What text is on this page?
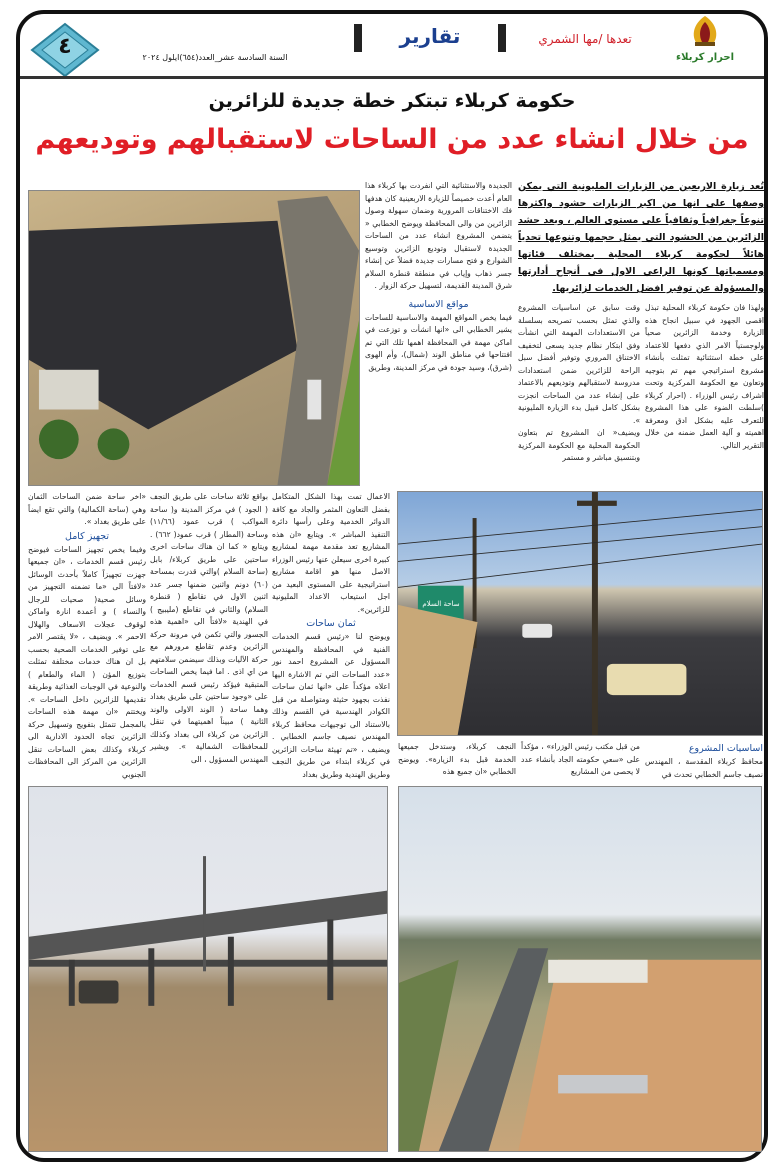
احرار كربلاء
تعدها /مها الشمري
تقارير
السنة السادسة عشر_العدد(٦٥٤)ايلول ٢٠٢٤
٤
حكومة كربلاء تبتكر خطة جديدة للزائرين
من خلال انشاء عدد من الساحات لاستقبالهم وتوديعهم
تُعد زيارة الاربعين من الزيارات المليونية التي يمكن وصفها على انها من اكبر الزيارات حشود واكثرها تنوعاً جغرافياً وثقافياً على مستوى العالم ، ويعد حشد الزائرين من الحشود التي يمثل حجمها وتنوعها تحدياً هائلاً لحكومة كربلاء المحلية بمختلف فئاتها ومسمياتها كونها الراعي الاول في أنجاح أدارتها والمسؤولة عن توفير افضل الخدمات لزائريها.
ولهذا فان حكومة كربلاء المحلية تبذل اقصى الجهود في سبيل انجاح هذه الزيارة وخدمة الزائرين صحياً ولوجستياً الامر الذي دفعها للاعتماد على خطة استثنائية تمثلت بأنشاء مشروع استراتيجي مهم تم بتوجيه وتعاون مع الحكومة المركزية وتحت اشراف رئيس الوزراء . (احرار كربلاء )سلطت الضوء على هذا المشروع للتعرف عليه بشكل ادق ومعرفة اهميته و آلية العمل ضمنه من خلال التقرير التالي.

وقت سابق عن اساسيات المشروع والذي تمثل بحسب تصريحه بسلسلة من الاستعدادات المهمة التي انشأت وفق ابتكار نظام جديد يسعى لتخفيف الاختناق المروري وتوفير أفضل سبل الراحة للزائرين ضمن استعدادات مدروسة لاستقبالهم وتوديعهم بالاعتماد على إنشاء عدد من الساحات انجزت بشكل كامل قبيل بدء الزيارة المليونية ».

ويضيف« ان المشروع تم بتعاون الحكومة المحلية مع الحكومة المركزية وبتنسيق مباشر و مستمر

الجديدة والاستثنائية التي انفردت بها كربلاء هذا العام أعدت خصيصاً للزيارة الاربعينية كان هدفها فك الاختناقات المرورية وضمان سهولة وصول الزائرين من والى المحافظة ويوضح الخطابي « يتضمن المشروع انشاء عدد من الساحات الجديدة لاستقبال وتوديع الزائرين وتوسيع الشوارع و فتح مسارات جديدة فضلاً عن إنشاء جسر ذهاب وإياب في منطقة قنطرة السلام شرق المدينة القديمة، لتسهيل حركة الزوار .

مواقع الاساسية

فيما يخص المواقع المهمة والاساسية للساحات يشير الخطابي الى «انها انشأت و توزعت في اماكن مهمة في المحافظة اهمها تلك التي تم افتتاحها في مناطق الوند (شمال)، وأم الهوى (شرق)، وسيد جودة في مركز المدينة، وطريق

الاعمال تمت بهذا الشكل المتكامل بفضل التعاون المثمر والجاد مع كافة الدوائر الخدمية وعلى رأسها دائرة التنفيذ المباشر ». ويتابع «ان هذه المشاريع تعد مقدمة مهمة لمشاريع كبيرة اخرى سيعلن عنها رئيس الوزراء الاصل منها هو اقامة مشاريع استراتيجية على المستوى البعيد من اجل استيعاب الاعداد المليونية للزائرين».

ثمان ساحات

ويوضح لنا «رئيس قسم الخدمات الفنية في المحافظة والمهندس المسؤول عن المشروع احمد نور «عدد الساحات التي تم الاشارة اليها اعلاه مؤكداً على «انها ثمان ساحات نفذت بجهود حثيثة ومتواصلة من قبل الكوادر الهندسية في القسم وذلك بالاستناد الى توجيهات محافظ كربلاء المهندس نصيف جاسم الخطابي . ويضيف ، «تم تهيئة ساحات الزائرين في كربلاء ابتداء من طريق النجف وطريق الهندية وطريق بغداد

بواقع ثلاثة ساحات على طريق النجف ( الجود ) في مركز المدينة و( ساحة المواكب ) قرب عمود (١١/٦٦) وساحة (المطار ) قرب عمود( ٦٦٢) . ويتابع « كما ان هناك ساحات اخرى ساحتين على طريق كربلاء/ بابل (ساحة السلام )والتي قدرت بمساحة (٦٠) دونم واثنين ضمنها جسر عدد اثنين الاول في تقاطع ( قنطرة السلام) والثاني في تقاطع (مليبيج ) في الهندية «لافتاً الى «اهمية هذه الجسور والتي تكمن في مرونة حركة الزائرين وعدم تقاطع مرورهم مع حركة الآليات وبذلك سيضمن سلامتهم من اي اذى . اما فيما يخص الساحات المتبقية فيؤكد رئيس قسم الخدمات على «وجود ساحتين على طريق بغداد وهما ساحة ( الوند الاولى والوند الثانية ) مبيناً اهميتهما في تنقل الزائرين من كربلاء الى بغداد وكذلك للمحافظات الشمالية ». ويشير المهندس المسؤول ، الى

«اخر ساحة ضمن الساحات الثمان وهي (ساحة الكمالية) والتي تقع ايضاً على طريق بغداد ».

تجهيز كامل

وفيما يخص تجهيز الساحات فيوضح رئيس قسم الخدمات ، «ان جميعها جهزت تجهيزاً كاملاً بأحدث الوسائل «لافتاً الى «ما تضمنه التجهيز من وسائل صحية( صحيات للرجال والنساء ) و أعمدة انارة واماكن لوقوف عجلات الاسعاف والهلال الاحمر ». ويضيف ، «لا يقتصر الامر على توفير الخدمات الصحية بحسب بل ان هناك خدمات مختلفة تمثلت بتوزيع المؤن ( الماء والطعام ) والنوعية في الوجبات الغذائية وطريقة تقديمها للزائرين داخل الساحات ». ويختتم «ان مهمة هذه الساحات بالمجمل تتمثل بتفويج وتسهيل حركة الزائرين تجاه الحدود الادارية الى كربلاء وكذلك بعض الساحات تنقل الزائرين من المركز الى المحافظات الجنوبي

ساحة السلام
اساسيات المشروع

محافظ كربلاء المقدسة ، المهندس نصيف جاسم الخطابي تحدث في

من قبل مكتب رئيس الوزراء» ، مؤكداً على «سعي حكومته الجاد بأنشاء عدد لا يحصى من المشاريع
النجف كربلاء، وستدخل جميعها الخدمة قبل بدء الزيارة». ويوضح الخطابي «ان جميع هذه
